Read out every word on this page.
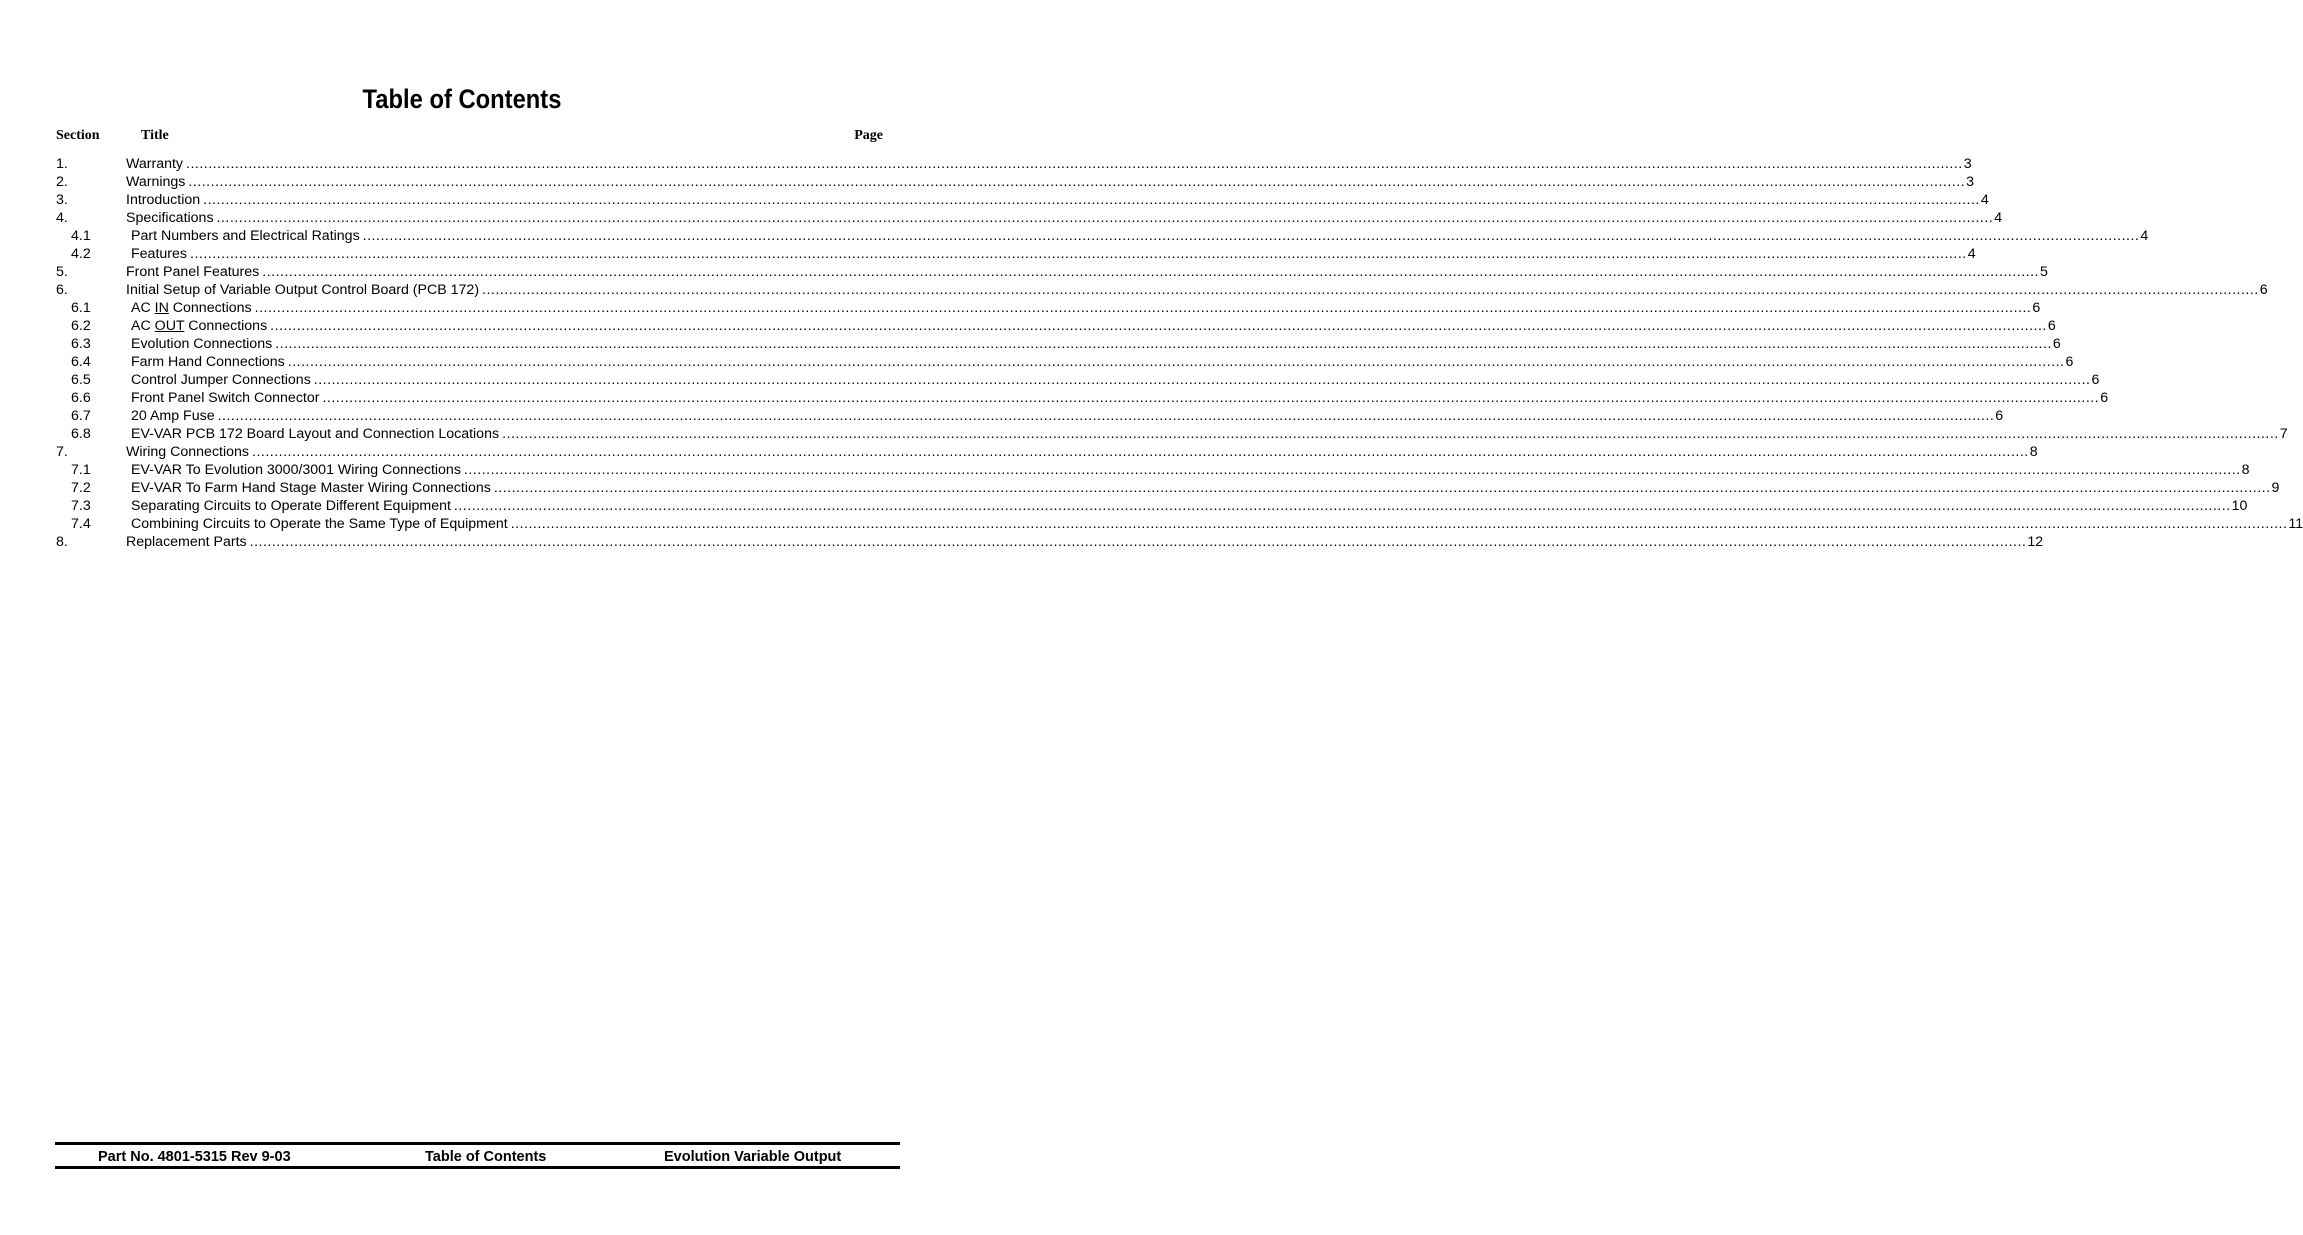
Table of Contents
Section	Title	Page
1.	Warranty ................................................................................................................................................................................................................................................................................................................................................................................................................ 3
2.	Warnings ................................................................................................................................................................................................................................................................................................................................................................................................................ 3
3.	Introduction ................................................................................................................................................................................................................................................................................................................................................................................................................ 4
4.	Specifications ................................................................................................................................................................................................................................................................................................................................................................................................................ 4
4.1	Part Numbers and Electrical Ratings ................................................................................................................................................................................................................................................................................................................................................................................................................ 4
4.2	Features ................................................................................................................................................................................................................................................................................................................................................................................................................ 4
5.	Front Panel Features ................................................................................................................................................................................................................................................................................................................................................................................................................ 5
6.	Initial Setup of Variable Output Control Board (PCB 172) ................................................................................................................................................................................................................................................................................................................................................................................................................ 6
6.1	AC IN Connections ................................................................................................................................................................................................................................................................................................................................................................................................................ 6
6.2	AC OUT Connections ................................................................................................................................................................................................................................................................................................................................................................................................................ 6
6.3	Evolution Connections ................................................................................................................................................................................................................................................................................................................................................................................................................ 6
6.4	Farm Hand Connections ................................................................................................................................................................................................................................................................................................................................................................................................................ 6
6.5	Control Jumper Connections ................................................................................................................................................................................................................................................................................................................................................................................................................ 6
6.6	Front Panel Switch Connector ................................................................................................................................................................................................................................................................................................................................................................................................................ 6
6.7	20 Amp Fuse ................................................................................................................................................................................................................................................................................................................................................................................................................ 6
6.8	EV-VAR PCB 172 Board Layout and Connection Locations ................................................................................................................................................................................................................................................................................................................................................................................................................ 7
7.	Wiring Connections ................................................................................................................................................................................................................................................................................................................................................................................................................ 8
7.1	EV-VAR To Evolution 3000/3001 Wiring Connections ................................................................................................................................................................................................................................................................................................................................................................................................................ 8
7.2	EV-VAR To Farm Hand Stage Master Wiring Connections ................................................................................................................................................................................................................................................................................................................................................................................................................ 9
7.3	Separating Circuits to Operate Different Equipment ................................................................................................................................................................................................................................................................................................................................................................................................................ 10
7.4	Combining Circuits to Operate the Same Type of Equipment ................................................................................................................................................................................................................................................................................................................................................................................................................ 11
8.	Replacement Parts ................................................................................................................................................................................................................................................................................................................................................................................................................ 12
Part No. 4801-5315 Rev 9-03	Table of Contents	Evolution Variable Output
